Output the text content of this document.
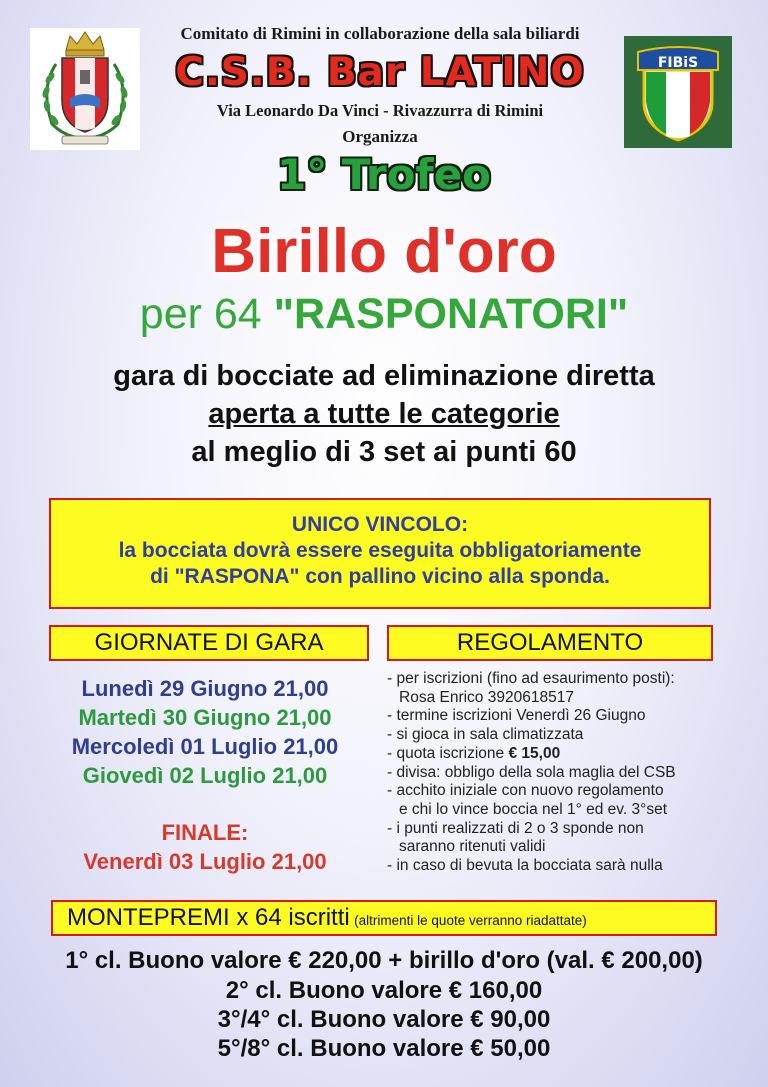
FIBiS
Comitato di Rimini in collaborazione della sala biliardi
C.S.B. Bar LATINO
Via Leonardo Da Vinci - Rivazzurra di Rimini
Organizza
1° Trofeo
Birillo d'oro
per 64 "RASPONATORI"
gara di bocciate ad eliminazione diretta
aperta a tutte le categorie
al meglio di 3 set ai punti 60
UNICO VINCOLO:
la bocciata dovrà essere eseguita obbligatoriamente
di "RASPONA" con pallino vicino alla sponda.
GIORNATE DI GARA	REGOLAMENTO
Lunedì 29 Giugno 21,00
Martedì 30 Giugno 21,00
Mercoledì 01 Luglio 21,00
Giovedì 02 Luglio 21,00
FINALE:
Venerdì 03 Luglio 21,00
- per iscrizioni (fino ad esaurimento posti):
Rosa Enrico 3920618517
- termine iscrizioni Venerdì 26 Giugno
- si gioca in sala climatizzata
- quota iscrizione € 15,00
- divisa: obbligo della sola maglia del CSB
- acchito iniziale con nuovo regolamento
e chi lo vince boccia nel 1° ed ev. 3°set
- i punti realizzati di 2 o 3 sponde non
saranno ritenuti validi
- in caso di bevuta la bocciata sarà nulla
MONTEPREMI x 64 iscritti (altrimenti le quote verranno riadattate)
1° cl. Buono valore € 220,00 + birillo d'oro (val. € 200,00)
2° cl. Buono valore € 160,00
3°/4° cl. Buono valore € 90,00
5°/8° cl. Buono valore € 50,00
